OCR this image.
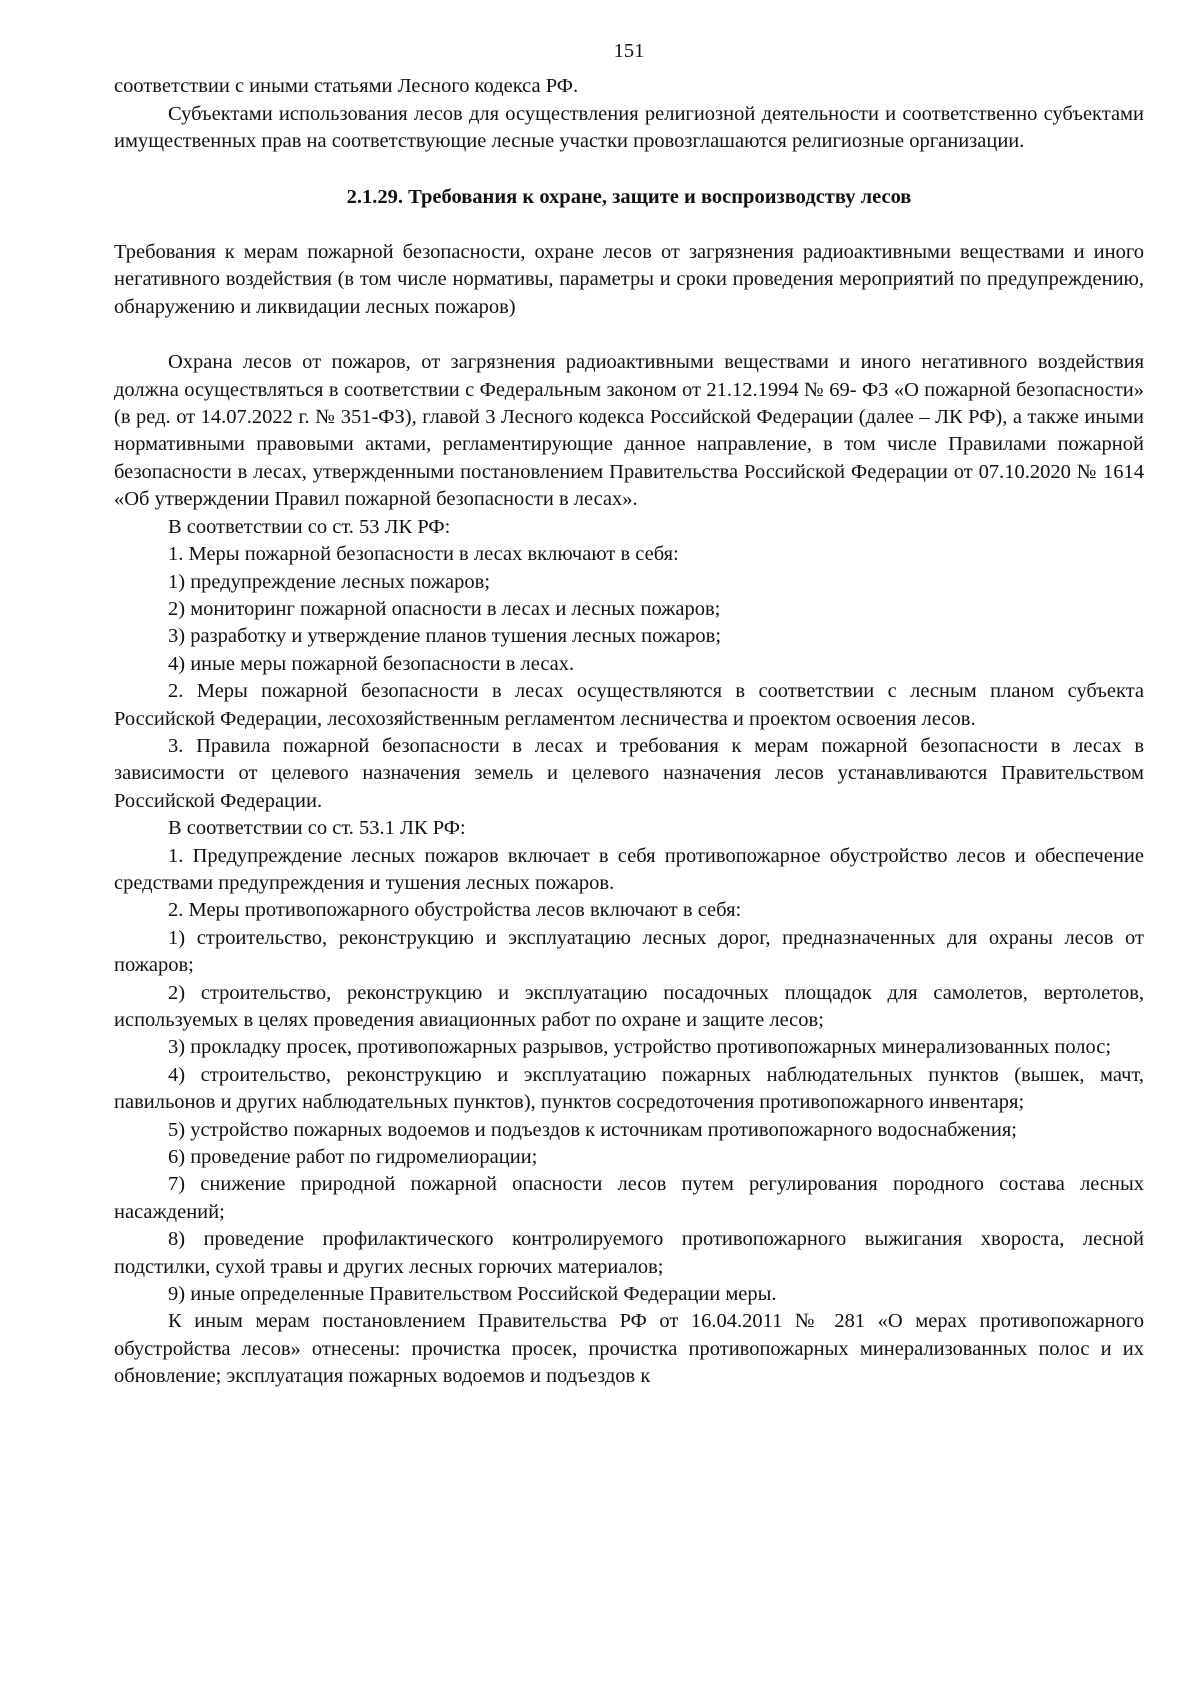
151

соответствии с иными статьями Лесного кодекса РФ.

Субъектами использования лесов для осуществления религиозной деятельности и соответственно субъектами имущественных прав на соответствующие лесные участки провозглашаются религиозные организации.

2.1.29. Требования к охране, защите и воспроизводству лесов

Требования к мерам пожарной безопасности, охране лесов от загрязнения радиоактивными веществами и иного негативного воздействия (в том числе нормативы, параметры и сроки проведения мероприятий по предупреждению, обнаружению и ликвидации лесных пожаров)

Охрана лесов от пожаров, от загрязнения радиоактивными веществами и иного негативного воздействия должна осуществляться в соответствии с Федеральным законом от 21.12.1994 № 69- ФЗ «О пожарной безопасности» (в ред. от 14.07.2022 г. № 351-ФЗ), главой 3 Лесного кодекса Российской Федерации (далее – ЛК РФ), а также иными нормативными правовыми актами, регламентирующие данное направление, в том числе Правилами пожарной безопасности в лесах, утвержденными постановлением Правительства Российской Федерации от 07.10.2020 № 1614 «Об утверждении Правил пожарной безопасности в лесах».

В соответствии со ст. 53 ЛК РФ:

1. Меры пожарной безопасности в лесах включают в себя:

1) предупреждение лесных пожаров;

2) мониторинг пожарной опасности в лесах и лесных пожаров;

3) разработку и утверждение планов тушения лесных пожаров;

4) иные меры пожарной безопасности в лесах.

2. Меры пожарной безопасности в лесах осуществляются в соответствии с лесным планом субъекта Российской Федерации, лесохозяйственным регламентом лесничества и проектом освоения лесов.

3. Правила пожарной безопасности в лесах и требования к мерам пожарной безопасности в лесах в зависимости от целевого назначения земель и целевого назначения лесов устанавливаются Правительством Российской Федерации.

В соответствии со ст. 53.1 ЛК РФ:

1. Предупреждение лесных пожаров включает в себя противопожарное обустройство лесов и обеспечение средствами предупреждения и тушения лесных пожаров.

2. Меры противопожарного обустройства лесов включают в себя:

1) строительство, реконструкцию и эксплуатацию лесных дорог, предназначенных для охраны лесов от пожаров;

2) строительство, реконструкцию и эксплуатацию посадочных площадок для самолетов, вертолетов, используемых в целях проведения авиационных работ по охране и защите лесов;

3) прокладку просек, противопожарных разрывов, устройство противопожарных минерализованных полос;

4) строительство, реконструкцию и эксплуатацию пожарных наблюдательных пунктов (вышек, мачт, павильонов и других наблюдательных пунктов), пунктов сосредоточения противопожарного инвентаря;

5) устройство пожарных водоемов и подъездов к источникам противопожарного водоснабжения;

6) проведение работ по гидромелиорации;

7) снижение природной пожарной опасности лесов путем регулирования породного состава лесных насаждений;

8) проведение профилактического контролируемого противопожарного выжигания хвороста, лесной подстилки, сухой травы и других лесных горючих материалов;

9) иные определенные Правительством Российской Федерации меры.

К иным мерам постановлением Правительства РФ от 16.04.2011 № 281 «О мерах противопожарного обустройства лесов» отнесены: прочистка просек, прочистка противопожарных минерализованных полос и их обновление; эксплуатация пожарных водоемов и подъездов к
